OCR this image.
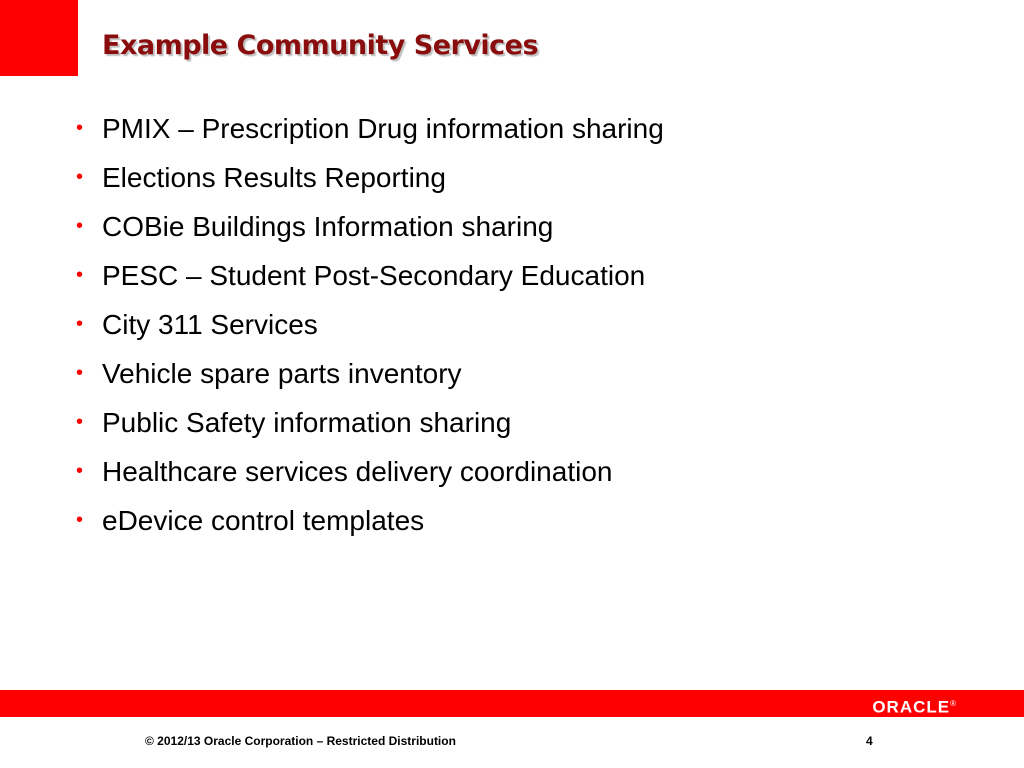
Example Community Services
• PMIX – Prescription Drug information sharing
• Elections Results Reporting
• COBie Buildings Information sharing
• PESC – Student Post-Secondary Education
• City 311 Services
• Vehicle spare parts inventory
• Public Safety information sharing
• Healthcare services delivery coordination
• eDevice control templates
ORACLE®
© 2012/13 Oracle Corporation – Restricted Distribution	4
